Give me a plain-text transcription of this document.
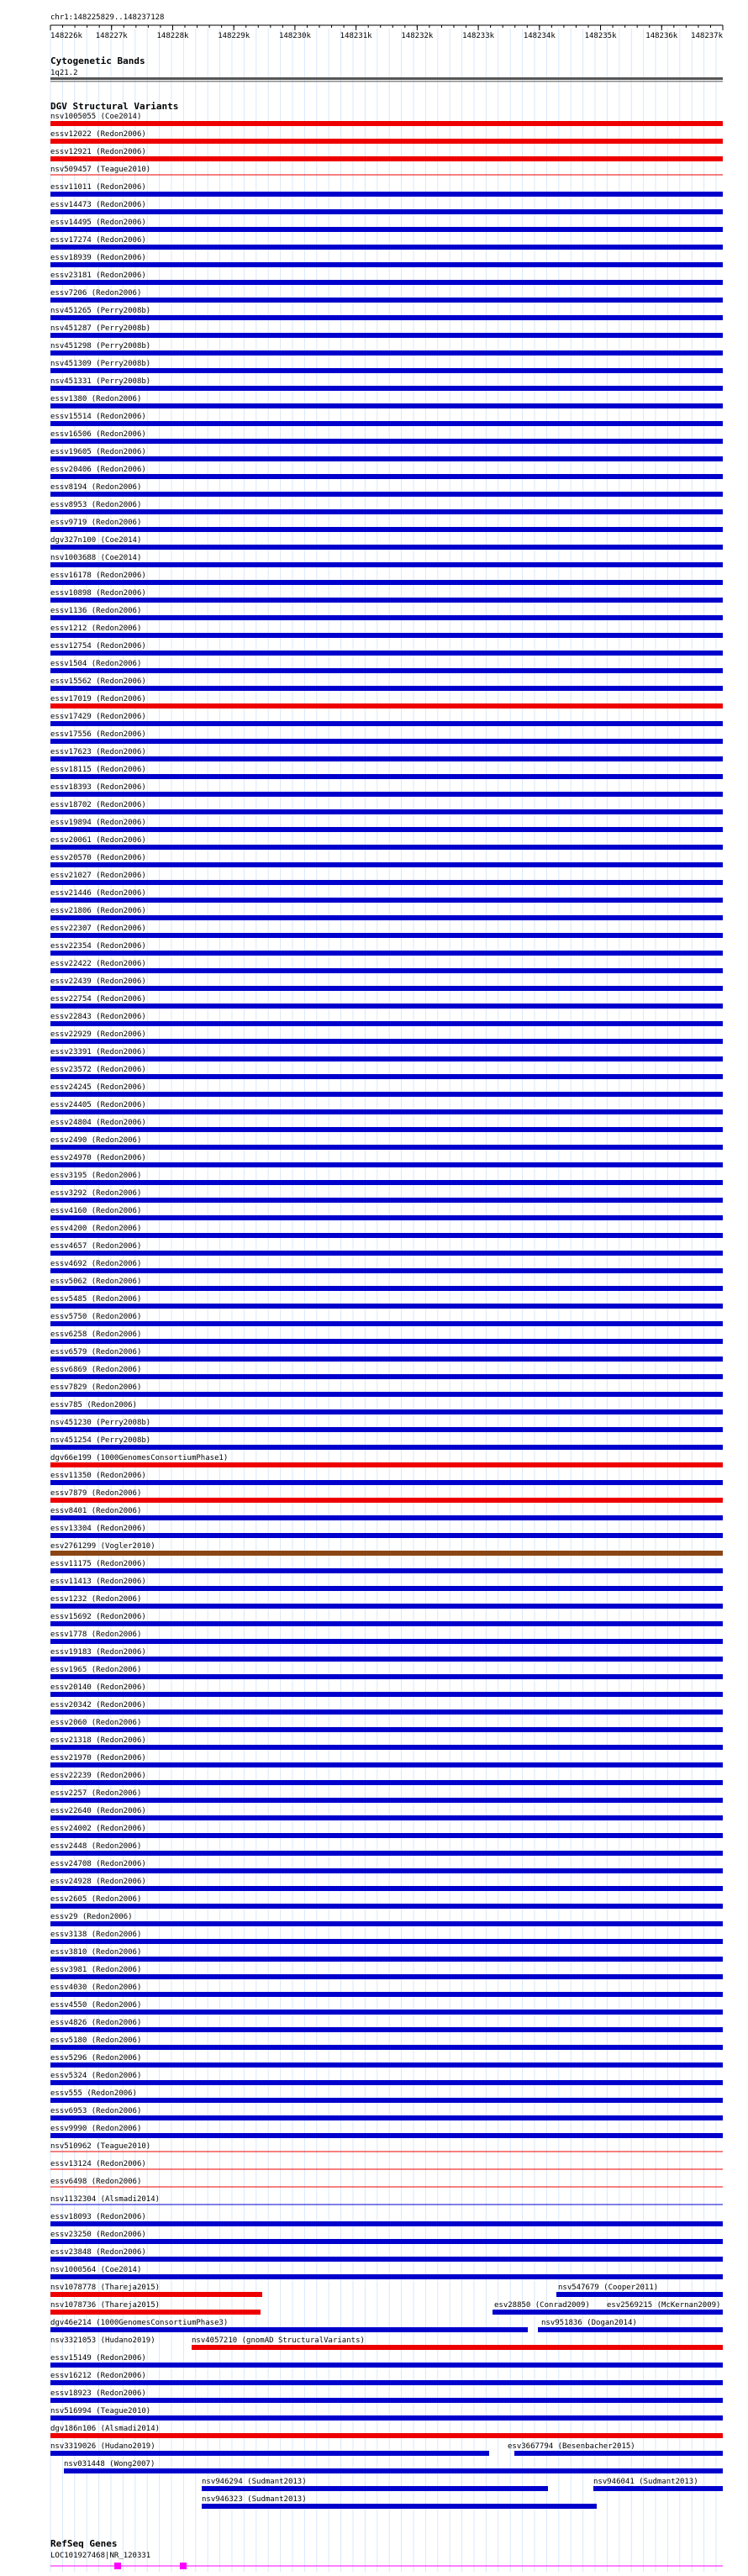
chr1:148225829..148237128
148226k 148227k	148228k	148229k	148230k	148231k	148232k	148233k	148234k	148235k	148236k 148237k
Cytogenetic Bands
1q21.2
DGV Structural Variants
nsv1005055 (Coe2014)
essv12022 (Redon2006)
essv12921 (Redon2006)
nsv509457 (Teague2010)
essv11011 (Redon2006)
essv14473 (Redon2006)
essv14495 (Redon2006)
essv17274 (Redon2006)
essv18939 (Redon2006)
essv23181 (Redon2006)
essv7206 (Redon2006)
nsv451265 (Perry2008b)
nsv451287 (Perry2008b)
nsv451298 (Perry2008b)
nsv451309 (Perry2008b)
nsv451331 (Perry2008b)
essv1380 (Redon2006)
essv15514 (Redon2006)
essv16506 (Redon2006)
essv19605 (Redon2006)
essv20406 (Redon2006)
essv8194 (Redon2006)
essv8953 (Redon2006)
essv9719 (Redon2006)
dgv327n100 (Coe2014)
nsv1003688 (Coe2014)
essv16178 (Redon2006)
essv10898 (Redon2006)
essv1136 (Redon2006)
essv1212 (Redon2006)
essv12754 (Redon2006)
essv1504 (Redon2006)
essv15562 (Redon2006)
essv17019 (Redon2006)
essv17429 (Redon2006)
essv17556 (Redon2006)
essv17623 (Redon2006)
essv18115 (Redon2006)
essv18393 (Redon2006)
essv18702 (Redon2006)
essv19894 (Redon2006)
essv20061 (Redon2006)
essv20570 (Redon2006)
essv21027 (Redon2006)
essv21446 (Redon2006)
essv21806 (Redon2006)
essv22307 (Redon2006)
essv22354 (Redon2006)
essv22422 (Redon2006)
essv22439 (Redon2006)
essv22754 (Redon2006)
essv22843 (Redon2006)
essv22929 (Redon2006)
essv23391 (Redon2006)
essv23572 (Redon2006)
essv24245 (Redon2006)
essv24405 (Redon2006)
essv24804 (Redon2006)
essv2490 (Redon2006)
essv24970 (Redon2006)
essv3195 (Redon2006)
essv3292 (Redon2006)
essv4160 (Redon2006)
essv4200 (Redon2006)
essv4657 (Redon2006)
essv4692 (Redon2006)
essv5062 (Redon2006)
essv5485 (Redon2006)
essv5750 (Redon2006)
essv6258 (Redon2006)
essv6579 (Redon2006)
essv6869 (Redon2006)
essv7829 (Redon2006)
essv785 (Redon2006)
nsv451230 (Perry2008b)
nsv451254 (Perry2008b)
dgv66e199 (1000GenomesConsortiumPhase1)
essv11350 (Redon2006)
essv7879 (Redon2006)
essv8401 (Redon2006)
essv13304 (Redon2006)
esv2761299 (Vogler2010)
essv11175 (Redon2006)
essv11413 (Redon2006)
essv1232 (Redon2006)
essv15692 (Redon2006)
essv1778 (Redon2006)
essv19183 (Redon2006)
essv1965 (Redon2006)
essv20140 (Redon2006)
essv20342 (Redon2006)
essv2060 (Redon2006)
essv21318 (Redon2006)
essv21970 (Redon2006)
essv22239 (Redon2006)
essv2257 (Redon2006)
essv22640 (Redon2006)
essv24002 (Redon2006)
essv2448 (Redon2006)
essv24708 (Redon2006)
essv24928 (Redon2006)
essv2605 (Redon2006)
essv29 (Redon2006)
essv3138 (Redon2006)
essv3810 (Redon2006)
essv3981 (Redon2006)
essv4030 (Redon2006)
essv4550 (Redon2006)
essv4826 (Redon2006)
essv5180 (Redon2006)
essv5296 (Redon2006)
essv5324 (Redon2006)
essv555 (Redon2006)
essv6953 (Redon2006)
essv9990 (Redon2006)
nsv510962 (Teague2010)
essv13124 (Redon2006)
essv6498 (Redon2006)
nsv1132304 (Alsmadi2014)
essv18093 (Redon2006)
essv23250 (Redon2006)
essv23848 (Redon2006)
nsv1000564 (Coe2014)
nsv1078778 (Thareja2015)	nsv547679 (Cooper2011)
nsv1078736 (Thareja2015)	esv28850 (Conrad2009) esv2569215 (McKernan2009)
dgv46e214 (1000GenomesConsortiumPhase3)	nsv951836 (Dogan2014)
nsv3321053 (Hudano2019)	nsv4057210 (gnomAD StructuralVariants)
essv15149 (Redon2006)
essv16212 (Redon2006)
essv18923 (Redon2006)
nsv516994 (Teague2010)
dgv186n106 (Alsmadi2014)
nsv3319026 (Hudano2019)	esv3667794 (Besenbacher2015)
nsv031448 (Wong2007)
nsv946294 (Sudmant2013)	nsv946041 (Sudmant2013)
nsv946323 (Sudmant2013)
RefSeq Genes
LOC101927468|NR_120331
